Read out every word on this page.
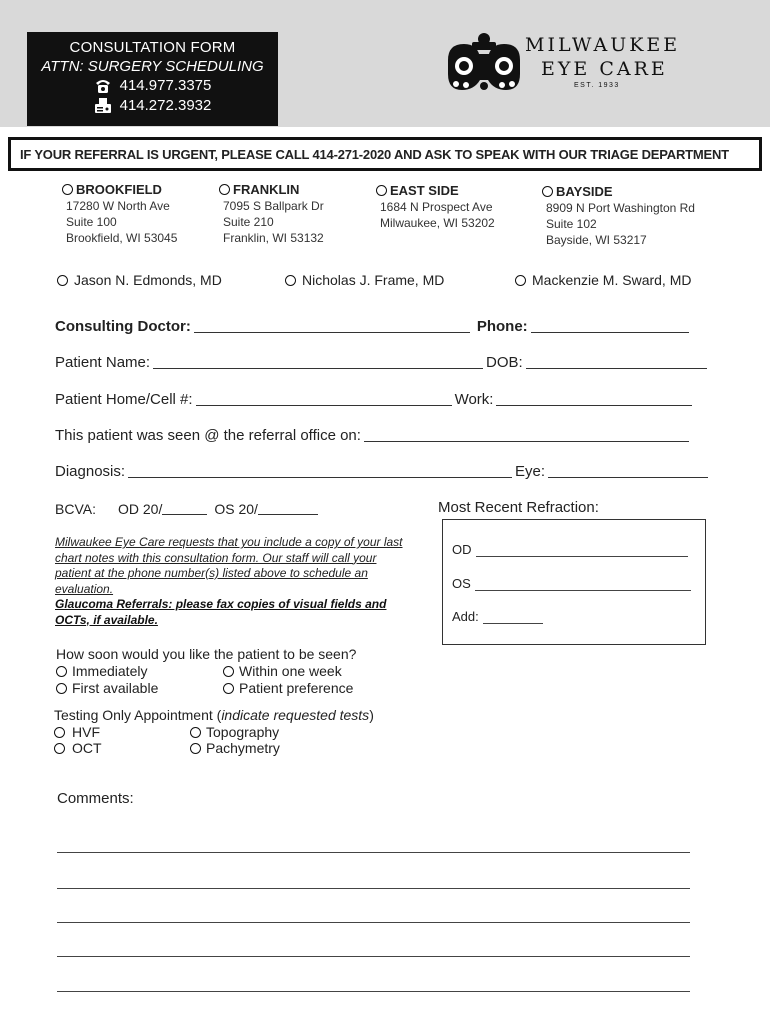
CONSULTATION FORM
ATTN: SURGERY SCHEDULING
414.977.3375
414.272.3932
MILWAUKEE
EYE CARE
EST. 1933
IF YOUR REFERRAL IS URGENT, PLEASE CALL 414-271-2020 AND ASK TO SPEAK WITH OUR TRIAGE DEPARTMENT
BROOKFIELD
17280 W North Ave
Suite 100
Brookfield, WI 53045
FRANKLIN
7095 S Ballpark Dr
Suite 210
Franklin, WI 53132
EAST SIDE
1684 N Prospect Ave
Milwaukee, WI 53202
BAYSIDE
8909 N Port Washington Rd
Suite 102
Bayside, WI 53217
Jason N. Edmonds, MD	Nicholas J. Frame, MD	Mackenzie M. Sward, MD
Consulting Doctor:	Phone:
Patient Name:	DOB:
Patient Home/Cell #:	Work:
This patient was seen @ the referral office on:
Diagnosis:	Eye:
BCVA: OD 20/	OS 20/	Most Recent Refraction:
OD
OS
Add:
Milwaukee Eye Care requests that you include a copy of your last chart notes with this consultation form. Our staff will call your patient at the phone number(s) listed above to schedule an evaluation.
Glaucoma Referrals: please fax copies of visual fields and OCTs, if available.
How soon would you like the patient to be seen?
Immediately	Within one week
First available	Patient preference
Testing Only Appointment (indicate requested tests)
HVF	Topography
OCT	Pachymetry
Comments:
